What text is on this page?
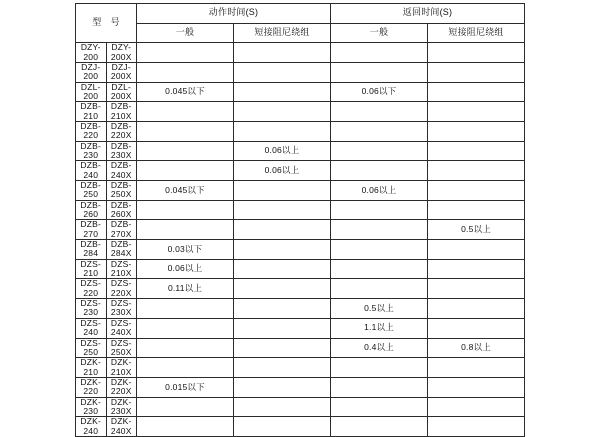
型　号		动作时间(S)		返回时间(S)	
		一般	短接阻尼绕组	一般	短接阻尼绕组
DZY-200	DZY-200X				
DZJ-200	DZJ-200X				
DZL-200	DZL-200X	0.045以下		0.06以下	
DZB-210	DZB-210X				
DZB-220	DZB-220X				
DZB-230	DZB-230X		0.06以上		
DZB-240	DZB-240X		0.06以上		
DZB-250	DZB-250X	0.045以下		0.06以上	
DZB-260	DZB-260X				
DZB-270	DZB-270X				0.5以上
DZB-284	DZB-284X	0.03以下			
DZS-210	DZS-210X	0.06以上			
DZS-220	DZS-220X	0.11以上			
DZS-230	DZS-230X			0.5以上	
DZS-240	DZS-240X			1.1以上	
DZS-250	DZS-250X			0.4以上	0.8以上
DZK-210	DZK-210X				
DZK-220	DZK-220X	0.015以下			
DZK-230	DZK-230X				
DZK-240	DZK-240X				
